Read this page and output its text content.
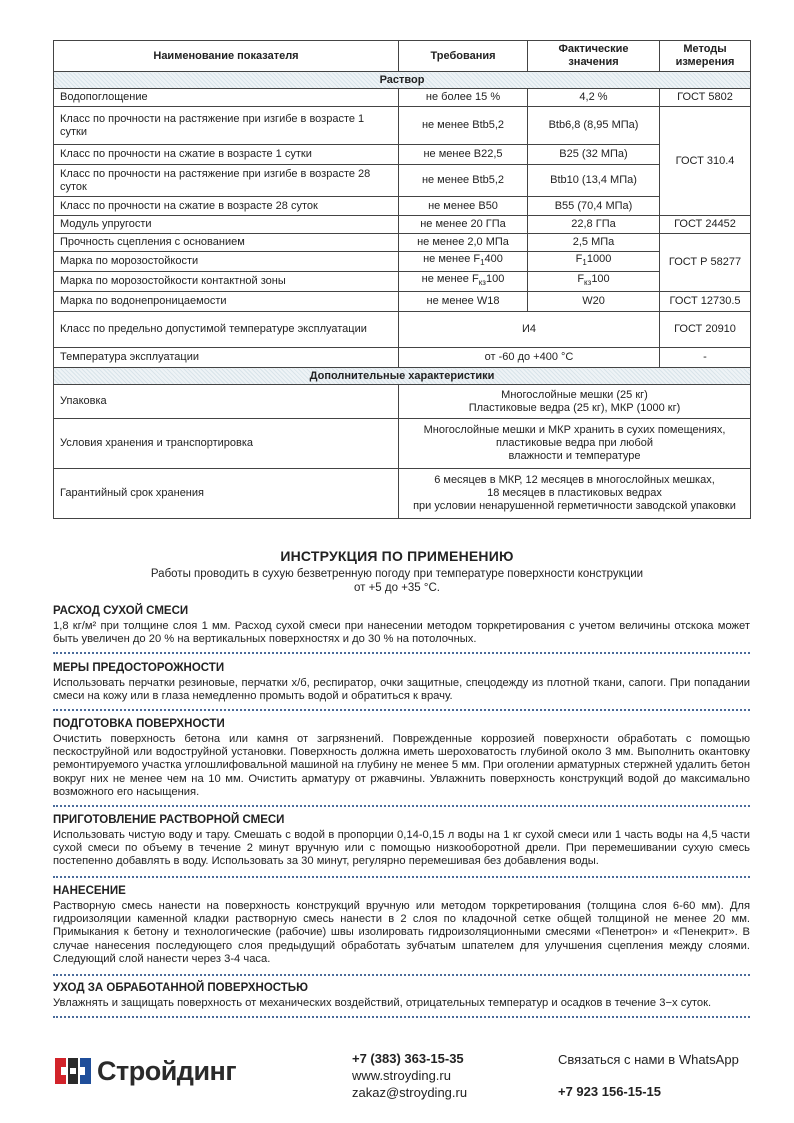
Наименование показателя	Требования	Фактические значения	Методы измерения
Раствор			
Водопоглощение	не более 15 %	4,2 %	ГОСТ 5802
Класс по прочности на растяжение при изгибе в возрасте 1 сутки	не менее Btb5,2	Btb6,8 (8,95 МПа)	ГОСТ 310.4
Класс по прочности на сжатие в возрасте 1 сутки	не менее B22,5	B25 (32 МПа)	
Класс по прочности на растяжение при изгибе в возрасте 28 суток	не менее Btb5,2	Btb10 (13,4 МПа)	
Класс по прочности на сжатие в возрасте 28 суток	не менее B50	B55 (70,4 МПа)	
Модуль упругости	не менее 20 ГПа	22,8 ГПа	ГОСТ 24452
Прочность сцепления с основанием	не менее 2,0 МПа	2,5 МПа	ГОСТ Р 58277
Марка по морозостойкости	не менее $F_1400$	$F_11000$	
Марка по морозостойкости контактной зоны	не менее $F_{кз}100$	$F_{кз}100$	
Марка по водонепроницаемости	не менее W18	W20	ГОСТ 12730.5
Класс по предельно допустимой температуре эксплуатации	И4		ГОСТ 20910
Температура эксплуатации	от -60 до +400 °С		-
Дополнительные характеристики			
Упаковка	Многослойные мешки (25 кг)
Пластиковые ведра (25 кг), МКР (1000 кг)		

Условия хранения и транспортировка	Многослойные мешки и МКР хранить в сухих помещениях,
пластиковые ведра при любой
влажности и температуре		

Гарантийный срок хранения	6 месяцев в МКР, 12 месяцев в многослойных мешках,
18 месяцев в пластиковых ведрах
при условии ненарушенной герметичности заводской упаковки		
ИНСТРУКЦИЯ ПО ПРИМЕНЕНИЮ
Работы проводить в сухую безветренную погоду при температуре поверхности конструкции
от +5 до +35 °С.
РАСХОД СУХОЙ СМЕСИ

1,8 кг/м² при толщине слоя 1 мм. Расход сухой смеси при нанесении методом торкретирования с учетом величины отскока может быть увеличен до 20 % на вертикальных поверхностях и до 30 % на потолочных.

МЕРЫ ПРЕДОСТОРОЖНОСТИ

Использовать перчатки резиновые, перчатки х/б, респиратор, очки защитные, спецодежду из плотной ткани, сапоги. При попадании смеси на кожу или в глаза немедленно промыть водой и обратиться к врачу.

ПОДГОТОВКА ПОВЕРХНОСТИ

Очистить поверхность бетона или камня от загрязнений. Поврежденные коррозией поверхности обработать с помощью пескоструйной или водоструйной установки. Поверхность должна иметь шероховатость глубиной около 3 мм. Выполнить окантовку ремонтируемого участка углошлифовальной машиной на глубину не менее 5 мм. При оголении арматурных стержней удалить бетон вокруг них не менее чем на 10 мм. Очистить арматуру от ржавчины. Увлажнить поверхность конструкций водой до максимально возможного его насыщения.

ПРИГОТОВЛЕНИЕ РАСТВОРНОЙ СМЕСИ

Использовать чистую воду и тару. Смешать с водой в пропорции 0,14-0,15 л воды на 1 кг сухой смеси или 1 часть воды на 4,5 части сухой смеси по объему в течение 2 минут вручную или с помощью низкооборотной дрели. При перемешивании сухую смесь постепенно добавлять в воду. Использовать за 30 минут, регулярно перемешивая без добавления воды.

НАНЕСЕНИЕ

Растворную смесь нанести на поверхность конструкций вручную или методом торкретирования (толщина слоя 6-60 мм). Для гидроизоляции каменной кладки растворную смесь нанести в 2 слоя по кладочной сетке общей толщиной не менее 20 мм. Примыкания к бетону и технологические (рабочие) швы изолировать гидроизоляционными смесями «Пенетрон» и «Пенекрит». В случае нанесения последующего слоя предыдущий обработать зубчатым шпателем для улучшения сцепления между слоями. Следующий слой нанести через 3-4 часа.

УХОД ЗА ОБРАБОТАННОЙ ПОВЕРХНОСТЬЮ

Увлажнять и защищать поверхность от механических воздействий, отрицательных температур и осадков в течение 3−х суток.

Стройдинг	+7 (383) 363-15-35
www.stroyding.ru
zakaz@stroyding.ru
Связаться с нами в WhatsApp
+7 923 156-15-15
